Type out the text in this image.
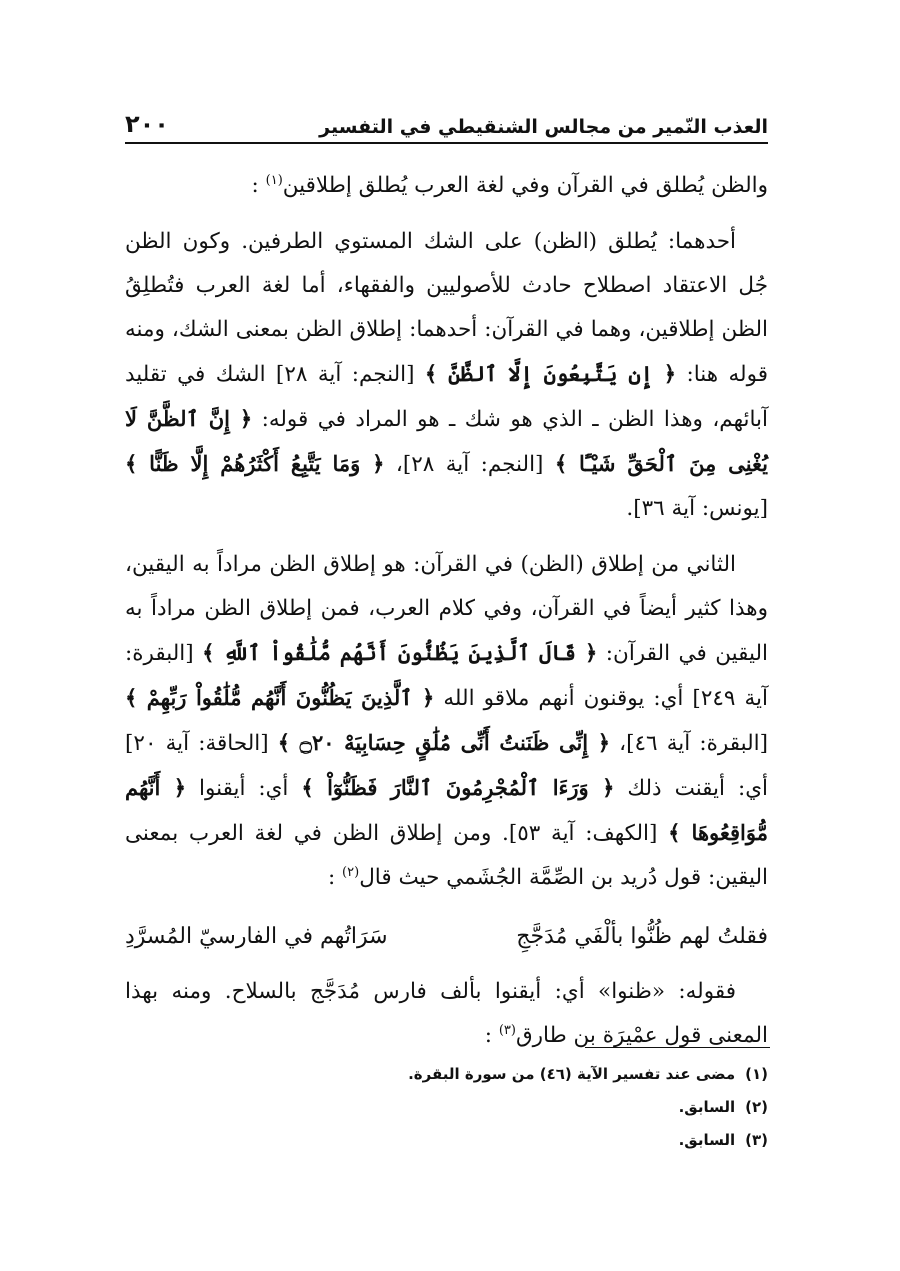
العذب النّمير من مجالس الشنقيطي في التفسير
٢٠٠

والظن يُطلق في القرآن وفي لغة العرب يُطلق إطلاقين$^{(١)}$ :

أحدهما: يُطلق (الظن) على الشك المستوي الطرفين. وكون الظن جُل الاعتقاد اصطلاح حادث للأصوليين والفقهاء، أما لغة العرب فتُطلِقُ الظن إطلاقين، وهما في القرآن: أحدهما: إطلاق الظن بمعنى الشك، ومنه قوله هنا: ﴿ إِن يَتَّبِعُونَ إِلَّا ٱلظَّنَّ ﴾ [النجم: آية ٢٨] الشك في تقليد آبائهم، وهذا الظن ـ الذي هو شك ـ هو المراد في قوله: ﴿ إِنَّ ٱلظَّنَّ لَا يُغْنِى مِنَ ٱلْحَقِّ شَيْـًٔا ﴾ [النجم: آية ٢٨]، ﴿ وَمَا يَتَّبِعُ أَكْثَرُهُمْ إِلَّا ظَنًّا ﴾ [يونس: آية ٣٦].

الثاني من إطلاق (الظن) في القرآن: هو إطلاق الظن مراداً به اليقين، وهذا كثير أيضاً في القرآن، وفي كلام العرب، فمن إطلاق الظن مراداً به اليقين في القرآن: ﴿ قَالَ ٱلَّذِينَ يَظُنُّونَ أَنَّهُم مُّلَٰقُواْ ٱللَّهِ ﴾ [البقرة: آية ٢٤٩] أي: يوقنون أنهم ملاقو الله ﴿ ٱلَّذِينَ يَظُنُّونَ أَنَّهُم مُّلَٰقُواْ رَبِّهِمْ ﴾ [البقرة: آية ٤٦]، ﴿ إِنِّى ظَنَنتُ أَنِّى مُلَٰقٍ حِسَابِيَهْ ۝٢٠ ﴾ [الحاقة: آية ٢٠] أي: أيقنت ذلك ﴿ وَرَءَا ٱلْمُجْرِمُونَ ٱلنَّارَ فَظَنُّوٓاْ ﴾ أي: أيقنوا ﴿ أَنَّهُم مُّوَاقِعُوهَا ﴾ [الكهف: آية ٥٣]. ومن إطلاق الظن في لغة العرب بمعنى اليقين: قول دُريد بن الصِّمَّة الجُشَمي حيث قال$^{(٢)}$ :

فقلتُ لهم ظُنُّوا بألْفَي مُدَجَّجِ
سَرَاتُهم في الفارسيّ المُسرَّدِ

فقوله: «ظنوا» أي: أيقنوا بألف فارس مُدَجَّج بالسلاح. ومنه بهذا المعنى قول عمْيرَة بن طارق$^{(٣)}$ :

(١)
مضى عند تفسير الآية (٤٦) من سورة البقرة.
(٢)
السابق.
(٣)
السابق.
